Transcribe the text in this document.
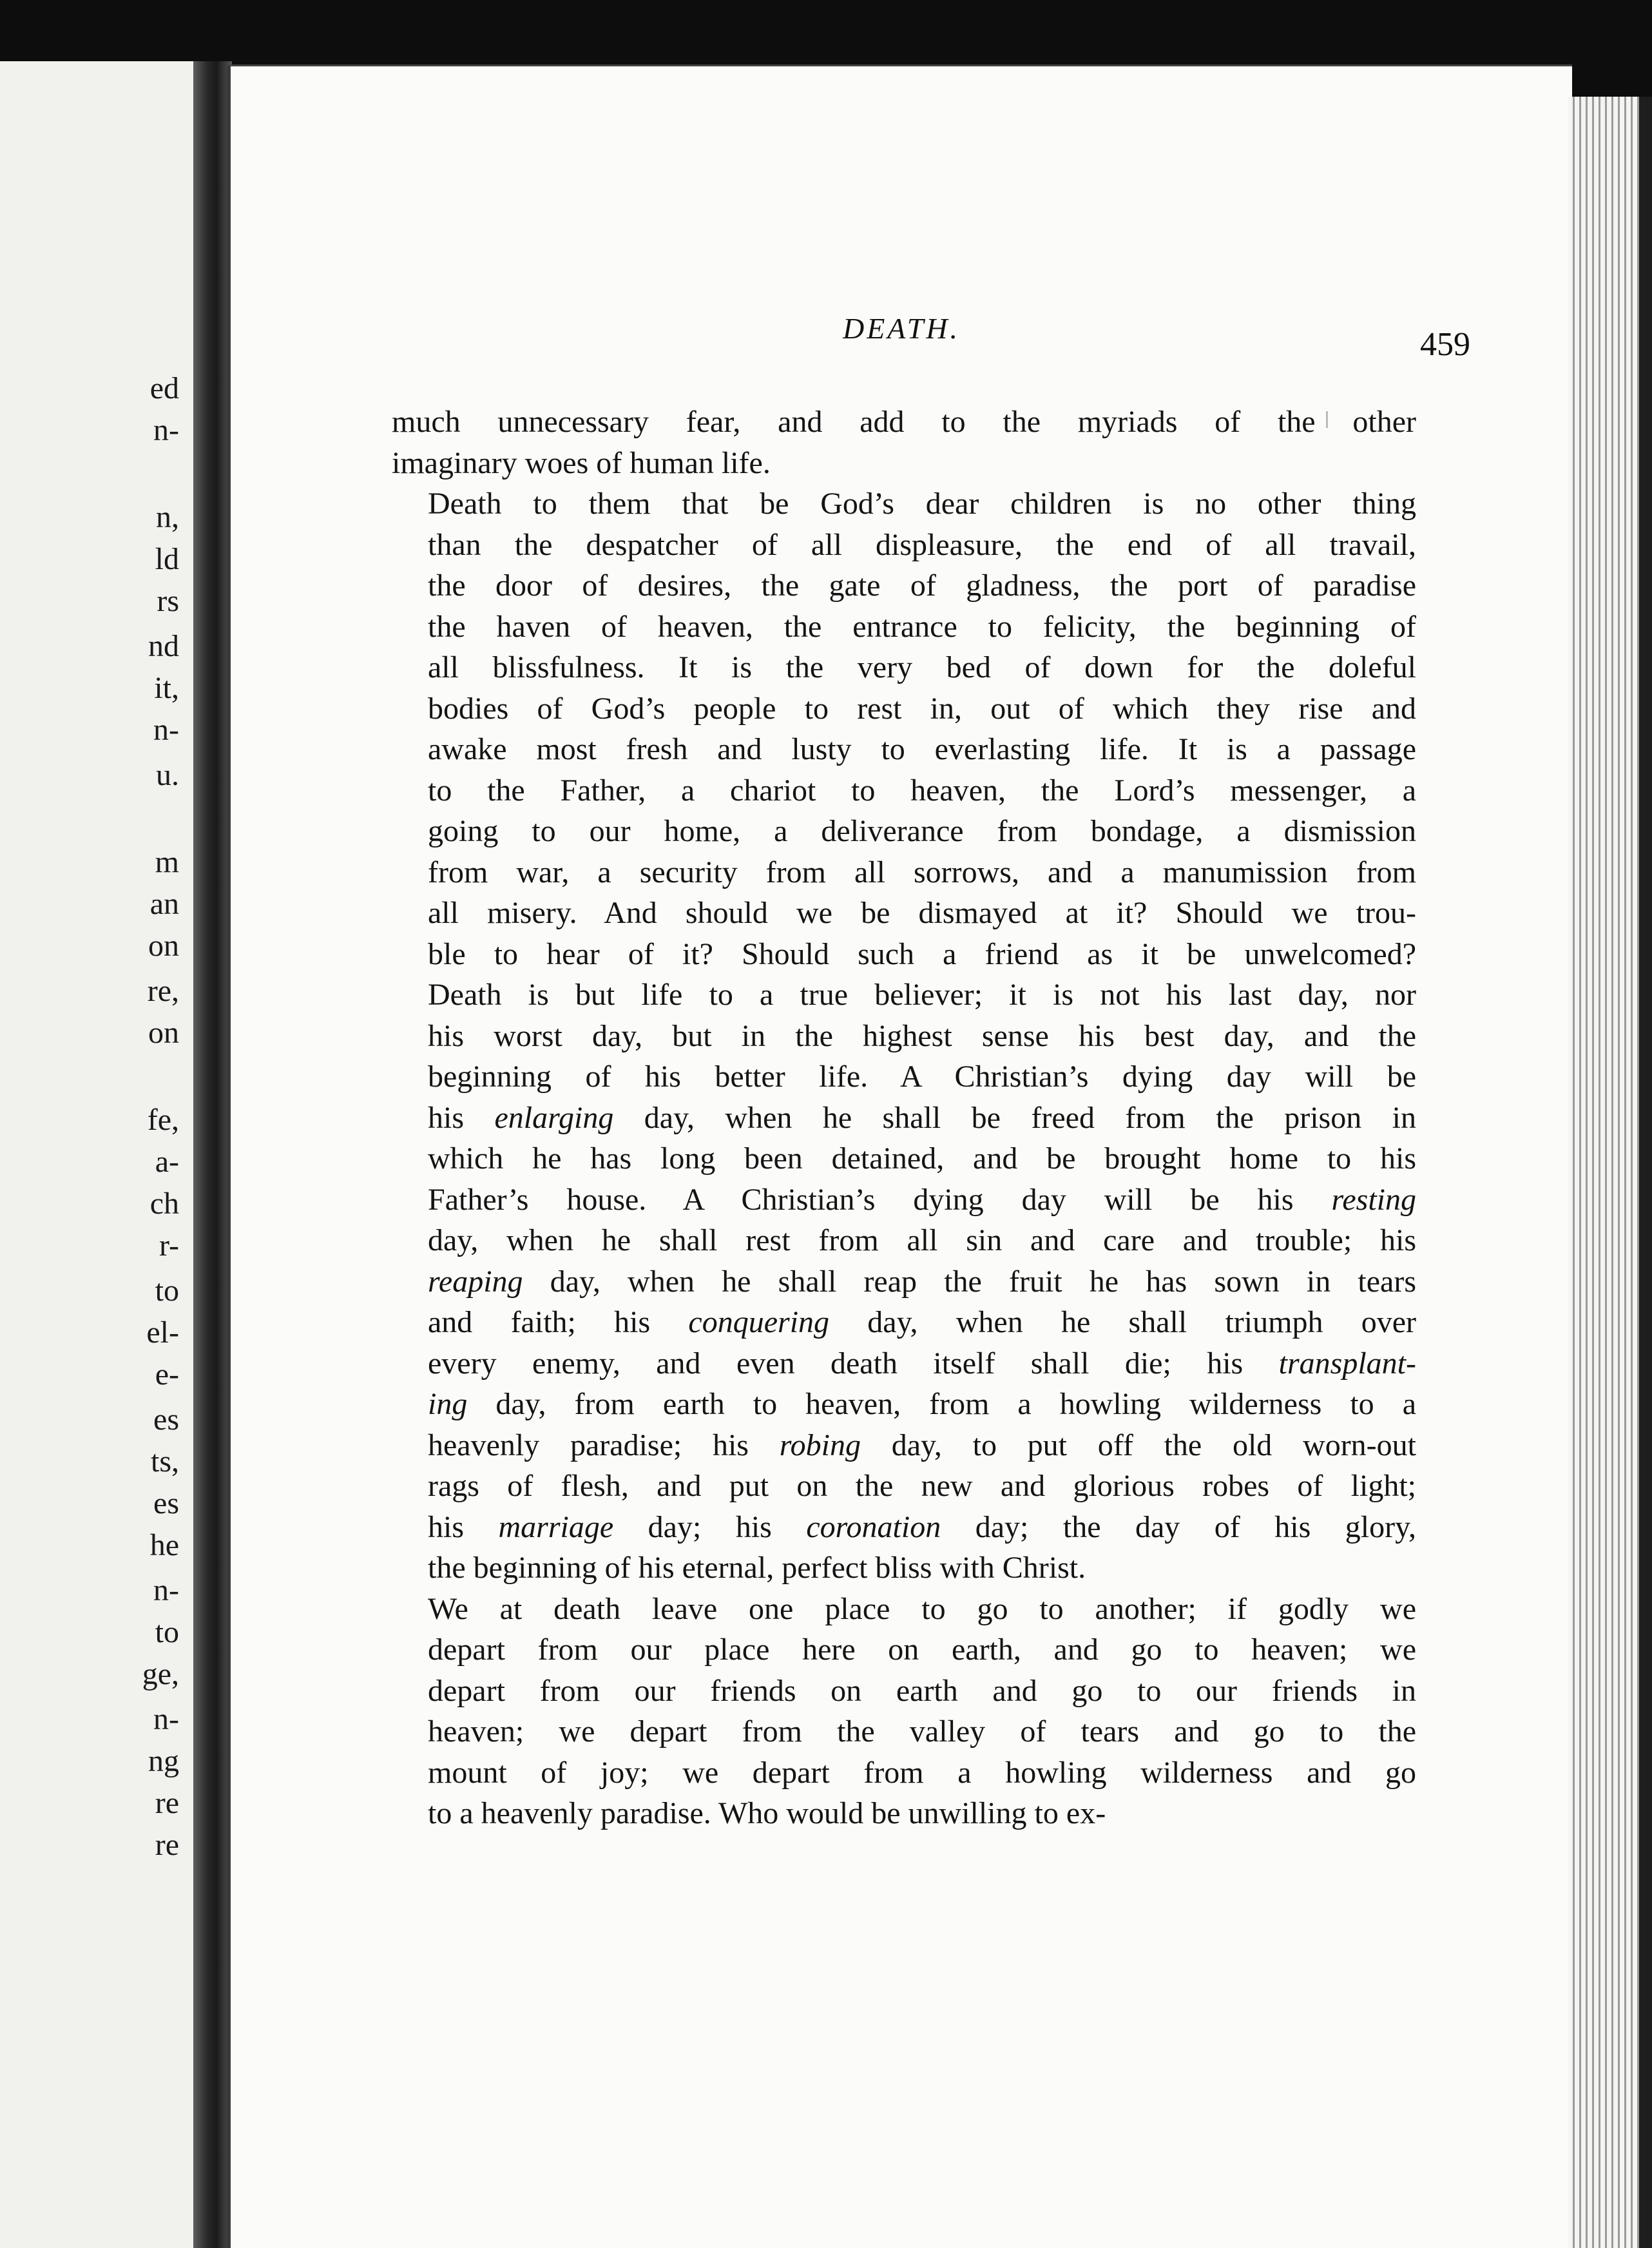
ed
n-
n,
ld
rs
nd
it,
n-
u.
m
an
on
re,
on
fe,
a-
ch
r-
to
el-
e-
es
ts,
es
he
n-
to
ge,
n-
ng
re
re
DEATH.	459

much unnecessary fear, and add to the myriads of the other
imaginary woes of human life.

Death to them that be God’s dear children is no other thing
than the despatcher of all displeasure, the end of all travail,
the door of desires, the gate of gladness, the port of paradise
the haven of heaven, the entrance to felicity, the beginning of
all blissfulness. It is the very bed of down for the doleful
bodies of God’s people to rest in, out of which they rise and
awake most fresh and lusty to everlasting life. It is a passage
to the Father, a chariot to heaven, the Lord’s messenger, a
going to our home, a deliverance from bondage, a dismission
from war, a security from all sorrows, and a manumission from
all misery. And should we be dismayed at it? Should we trou-
ble to hear of it? Should such a friend as it be unwelcomed?
Death is but life to a true believer; it is not his last day, nor
his worst day, but in the highest sense his best day, and the
beginning of his better life. A Christian’s dying day will be
his enlarging day, when he shall be freed from the prison in
which he has long been detained, and be brought home to his
Father’s house. A Christian’s dying day will be his resting
day, when he shall rest from all sin and care and trouble; his
reaping day, when he shall reap the fruit he has sown in tears
and faith; his conquering day, when he shall triumph over
every enemy, and even death itself shall die; his transplant-
ing day, from earth to heaven, from a howling wilderness to a
heavenly paradise; his robing day, to put off the old worn-out
rags of flesh, and put on the new and glorious robes of light;
his marriage day; his coronation day; the day of his glory,
the beginning of his eternal, perfect bliss with Christ.

We at death leave one place to go to another; if godly we
depart from our place here on earth, and go to heaven; we
depart from our friends on earth and go to our friends in
heaven; we depart from the valley of tears and go to the
mount of joy; we depart from a howling wilderness and go
to a heavenly paradise. Who would be unwilling to ex-
